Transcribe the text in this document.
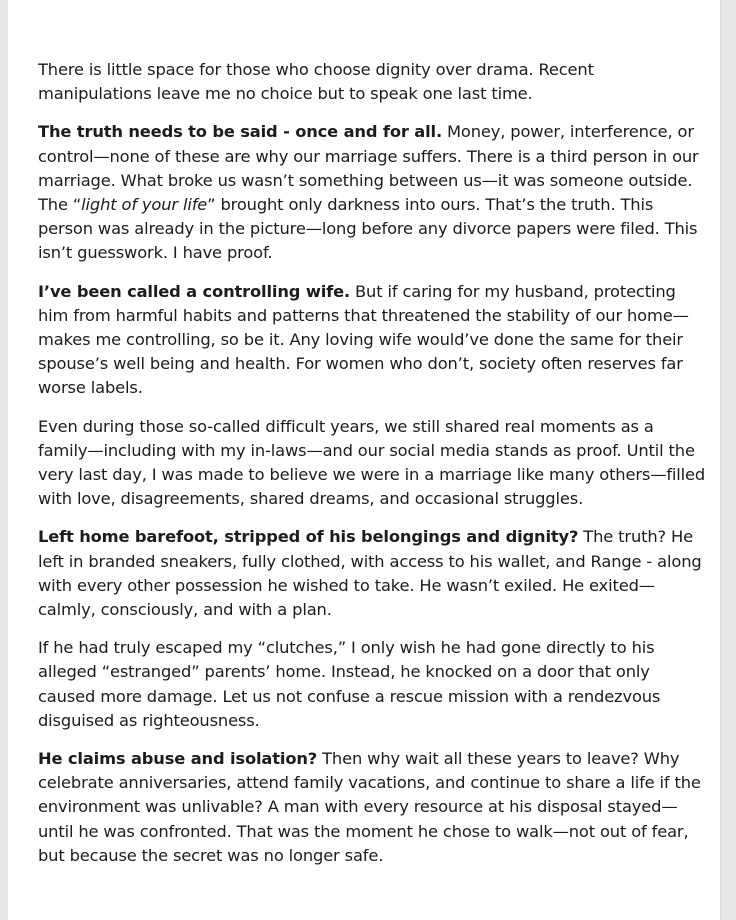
There is little space for those who choose dignity over drama. Recent manipulations leave me no choice but to speak one last time.

The truth needs to be said - once and for all. Money, power, interference, or control—none of these are why our marriage suffers. There is a third person in our marriage. What broke us wasn’t something between us—it was someone outside. The “light of your life” brought only darkness into ours. That’s the truth. This person was already in the picture—long before any divorce papers were filed. This isn’t guesswork. I have proof.

I’ve been called a controlling wife. But if caring for my husband, protecting him from harmful habits and patterns that threatened the stability of our home—makes me controlling, so be it. Any loving wife would’ve done the same for their spouse’s well being and health. For women who don’t, society often reserves far worse labels.

Even during those so-called difficult years, we still shared real moments as a family—including with my in-laws—and our social media stands as proof. Until the very last day, I was made to believe we were in a marriage like many others—filled with love, disagreements, shared dreams, and occasional struggles.

Left home barefoot, stripped of his belongings and dignity? The truth? He left in branded sneakers, fully clothed, with access to his wallet, and Range - along with every other possession he wished to take. He wasn’t exiled. He exited—calmly, consciously, and with a plan.

If he had truly escaped my “clutches,” I only wish he had gone directly to his alleged “estranged” parents’ home. Instead, he knocked on a door that only caused more damage. Let us not confuse a rescue mission with a rendezvous disguised as righteousness.

He claims abuse and isolation? Then why wait all these years to leave? Why celebrate anniversaries, attend family vacations, and continue to share a life if the environment was unlivable? A man with every resource at his disposal stayed—until he was confronted. That was the moment he chose to walk—not out of fear, but because the secret was no longer safe.
